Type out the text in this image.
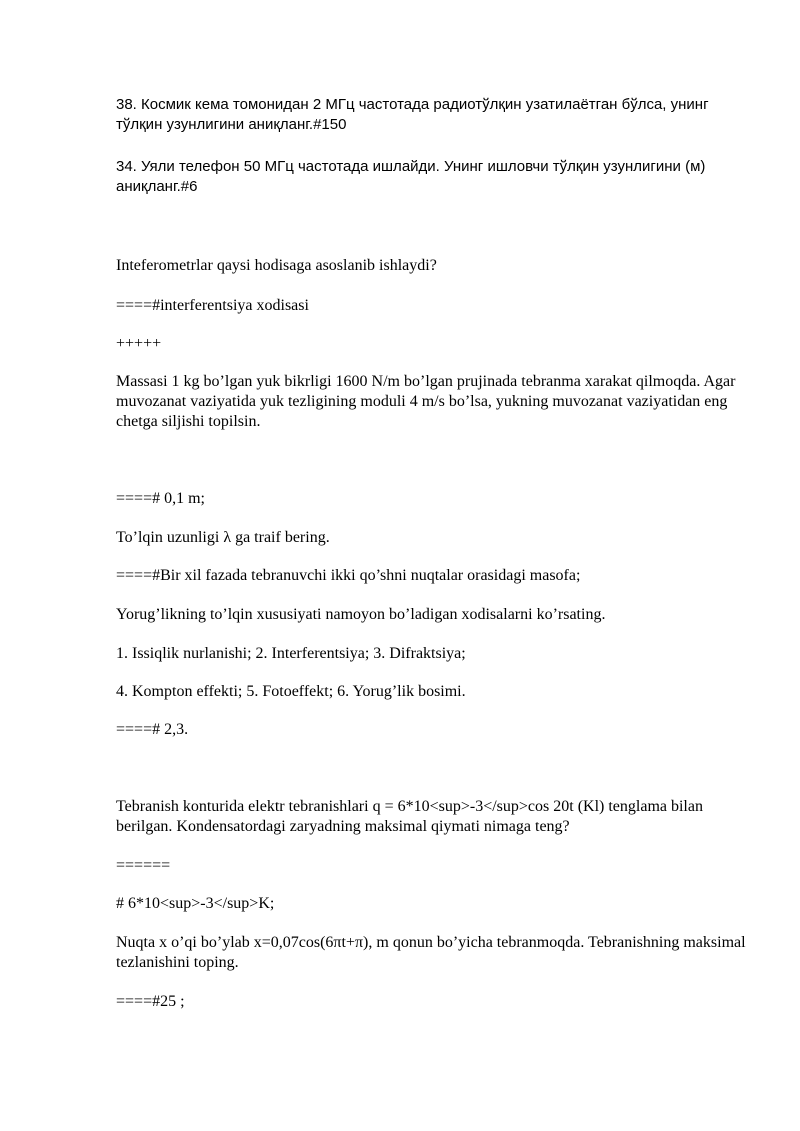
38. Космик кема томонидан 2 МГц частотада радиотўлқин узатилаётган бўлса, унинг тўлқин узунлигини аниқланг.#150

34. Уяли телефон 50 МГц частотада ишлайди. Унинг ишловчи тўлқин узунлигини (м) аниқланг.#6

Inteferometrlar qaysi hodisaga asoslanib ishlaydi?

====#interferentsiya xodisasi

+++++

Massasi 1 kg bo’lgan yuk bikrligi 1600 N/m bo’lgan prujinada tebranma xarakat qilmoqda. Agar muvozanat vaziyatida yuk tezligining moduli 4 m/s bo’lsa, yukning muvozanat vaziyatidan eng chetga siljishi topilsin.

====# 0,1 m;

To’lqin uzunligi λ ga traif bering.

====#Bir xil fazada tebranuvchi ikki qo’shni nuqtalar orasidagi masofa;

Yorug’likning to’lqin xususiyati namoyon bo’ladigan xodisalarni ko’rsating.

1. Issiqlik nurlanishi; 2. Interferentsiya; 3. Difraktsiya;

4. Kompton effekti; 5. Fotoeffekt; 6. Yorug’lik bosimi.

====# 2,3.

Tebranish konturida elektr tebranishlari q = 6*10<sup>-3</sup>cos 20t (Kl) tenglama bilan berilgan. Kondensatordagi zaryadning maksimal qiymati nimaga teng?

======

# 6*10<sup>-3</sup>K;

Nuqta x o’qi bo’ylab x=0,07cos(6πt+π), m qonun bo’yicha tebranmoqda. Tebranishning maksimal tezlanishini toping.

====#25 ;
